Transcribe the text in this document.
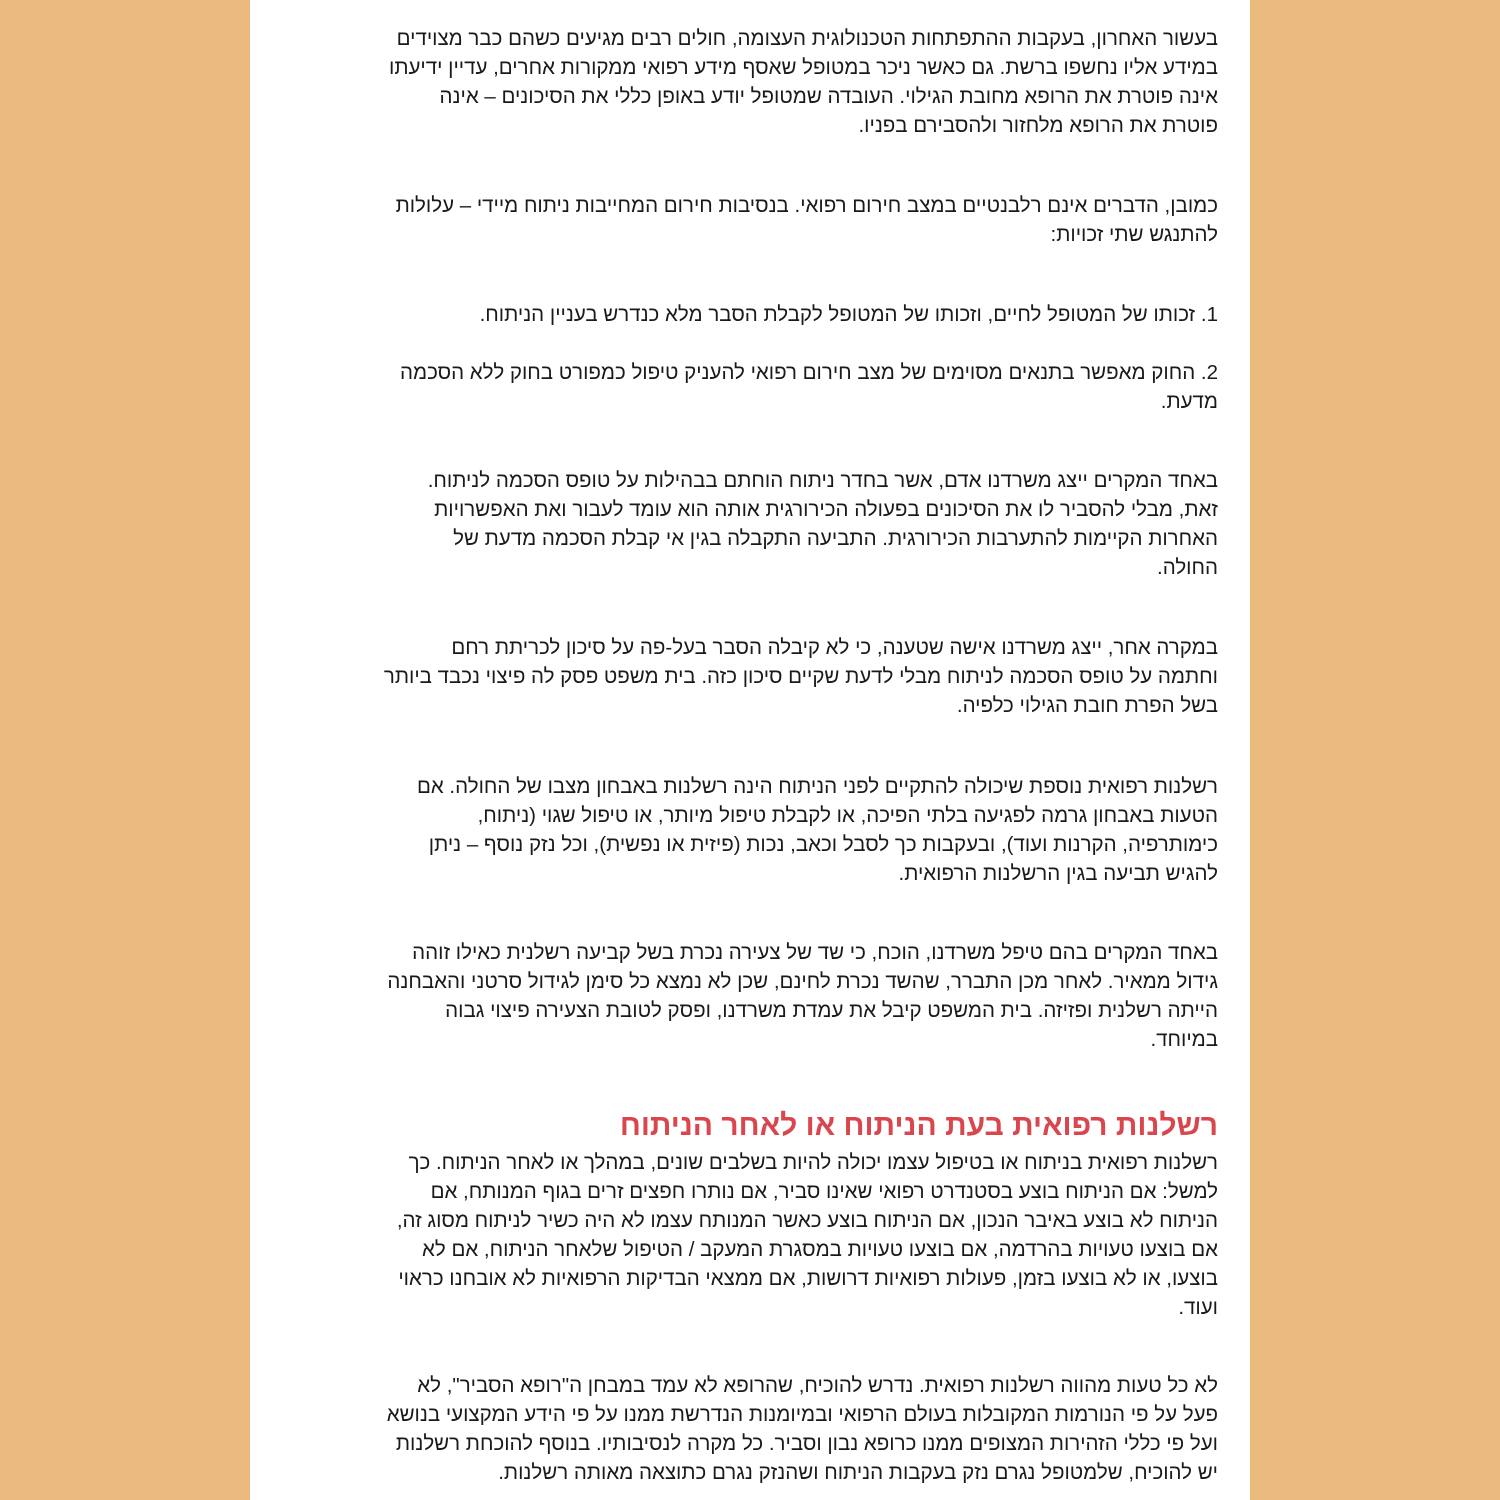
בעשור האחרון, בעקבות ההתפתחות הטכנולוגית העצומה, חולים רבים מגיעים כשהם כבר מצוידים
במידע אליו נחשפו ברשת. גם כאשר ניכר במטופל שאסף מידע רפואי ממקורות אחרים, עדיין ידיעתו
אינה פוטרת את הרופא מחובת הגילוי. העובדה שמטופל יודע באופן כללי את הסיכונים – אינה
פוטרת את הרופא מלחזור ולהסבירם בפניו.
כמובן, הדברים אינם רלבנטיים במצב חירום רפואי. בנסיבות חירום המחייבות ניתוח מיידי – עלולות
להתנגש שתי זכויות:
1. זכותו של המטופל לחיים, וזכותו של המטופל לקבלת הסבר מלא כנדרש בעניין הניתוח.
2. החוק מאפשר בתנאים מסוימים של מצב חירום רפואי להעניק טיפול כמפורט בחוק ללא הסכמה
מדעת.
באחד המקרים ייצג משרדנו אדם, אשר בחדר ניתוח הוחתם בבהילות על טופס הסכמה לניתוח.
זאת, מבלי להסביר לו את הסיכונים בפעולה הכירורגית אותה הוא עומד לעבור ואת האפשרויות
האחרות הקיימות להתערבות הכירורגית. התביעה התקבלה בגין אי קבלת הסכמה מדעת של
החולה.
במקרה אחר, ייצג משרדנו אישה שטענה, כי לא קיבלה הסבר בעל-פה על סיכון לכריתת רחם
וחתמה על טופס הסכמה לניתוח מבלי לדעת שקיים סיכון כזה. בית משפט פסק לה פיצוי נכבד ביותר
בשל הפרת חובת הגילוי כלפיה.
רשלנות רפואית נוספת שיכולה להתקיים לפני הניתוח הינה רשלנות באבחון מצבו של החולה. אם
הטעות באבחון גרמה לפגיעה בלתי הפיכה, או לקבלת טיפול מיותר, או טיפול שגוי (ניתוח,
כימותרפיה, הקרנות ועוד), ובעקבות כך לסבל וכאב, נכות (פיזית או נפשית), וכל נזק נוסף – ניתן
להגיש תביעה בגין הרשלנות הרפואית.
באחד המקרים בהם טיפל משרדנו, הוכח, כי שד של צעירה נכרת בשל קביעה רשלנית כאילו זוהה
גידול ממאיר. לאחר מכן התברר, שהשד נכרת לחינם, שכן לא נמצא כל סימן לגידול סרטני והאבחנה
הייתה רשלנית ופזיזה. בית המשפט קיבל את עמדת משרדנו, ופסק לטובת הצעירה פיצוי גבוה
במיוחד.
רשלנות רפואית בעת הניתוח או לאחר הניתוח
רשלנות רפואית בניתוח או בטיפול עצמו יכולה להיות בשלבים שונים, במהלך או לאחר הניתוח. כך
למשל: אם הניתוח בוצע בסטנדרט רפואי שאינו סביר, אם נותרו חפצים זרים בגוף המנותח, אם
הניתוח לא בוצע באיבר הנכון, אם הניתוח בוצע כאשר המנותח עצמו לא היה כשיר לניתוח מסוג זה,
אם בוצעו טעויות בהרדמה, אם בוצעו טעויות במסגרת המעקב / הטיפול שלאחר הניתוח, אם לא
בוצעו, או לא בוצעו בזמן, פעולות רפואיות דרושות, אם ממצאי הבדיקות הרפואיות לא אובחנו כראוי
ועוד.
לא כל טעות מהווה רשלנות רפואית. נדרש להוכיח, שהרופא לא עמד במבחן ה"רופא הסביר", לא
פעל על פי הנורמות המקובלות בעולם הרפואי ובמיומנות הנדרשת ממנו על פי הידע המקצועי בנושא
ועל פי כללי הזהירות המצופים ממנו כרופא נבון וסביר. כל מקרה לנסיבותיו. בנוסף להוכחת רשלנות
יש להוכיח, שלמטופל נגרם נזק בעקבות הניתוח ושהנזק נגרם כתוצאה מאותה רשלנות.
